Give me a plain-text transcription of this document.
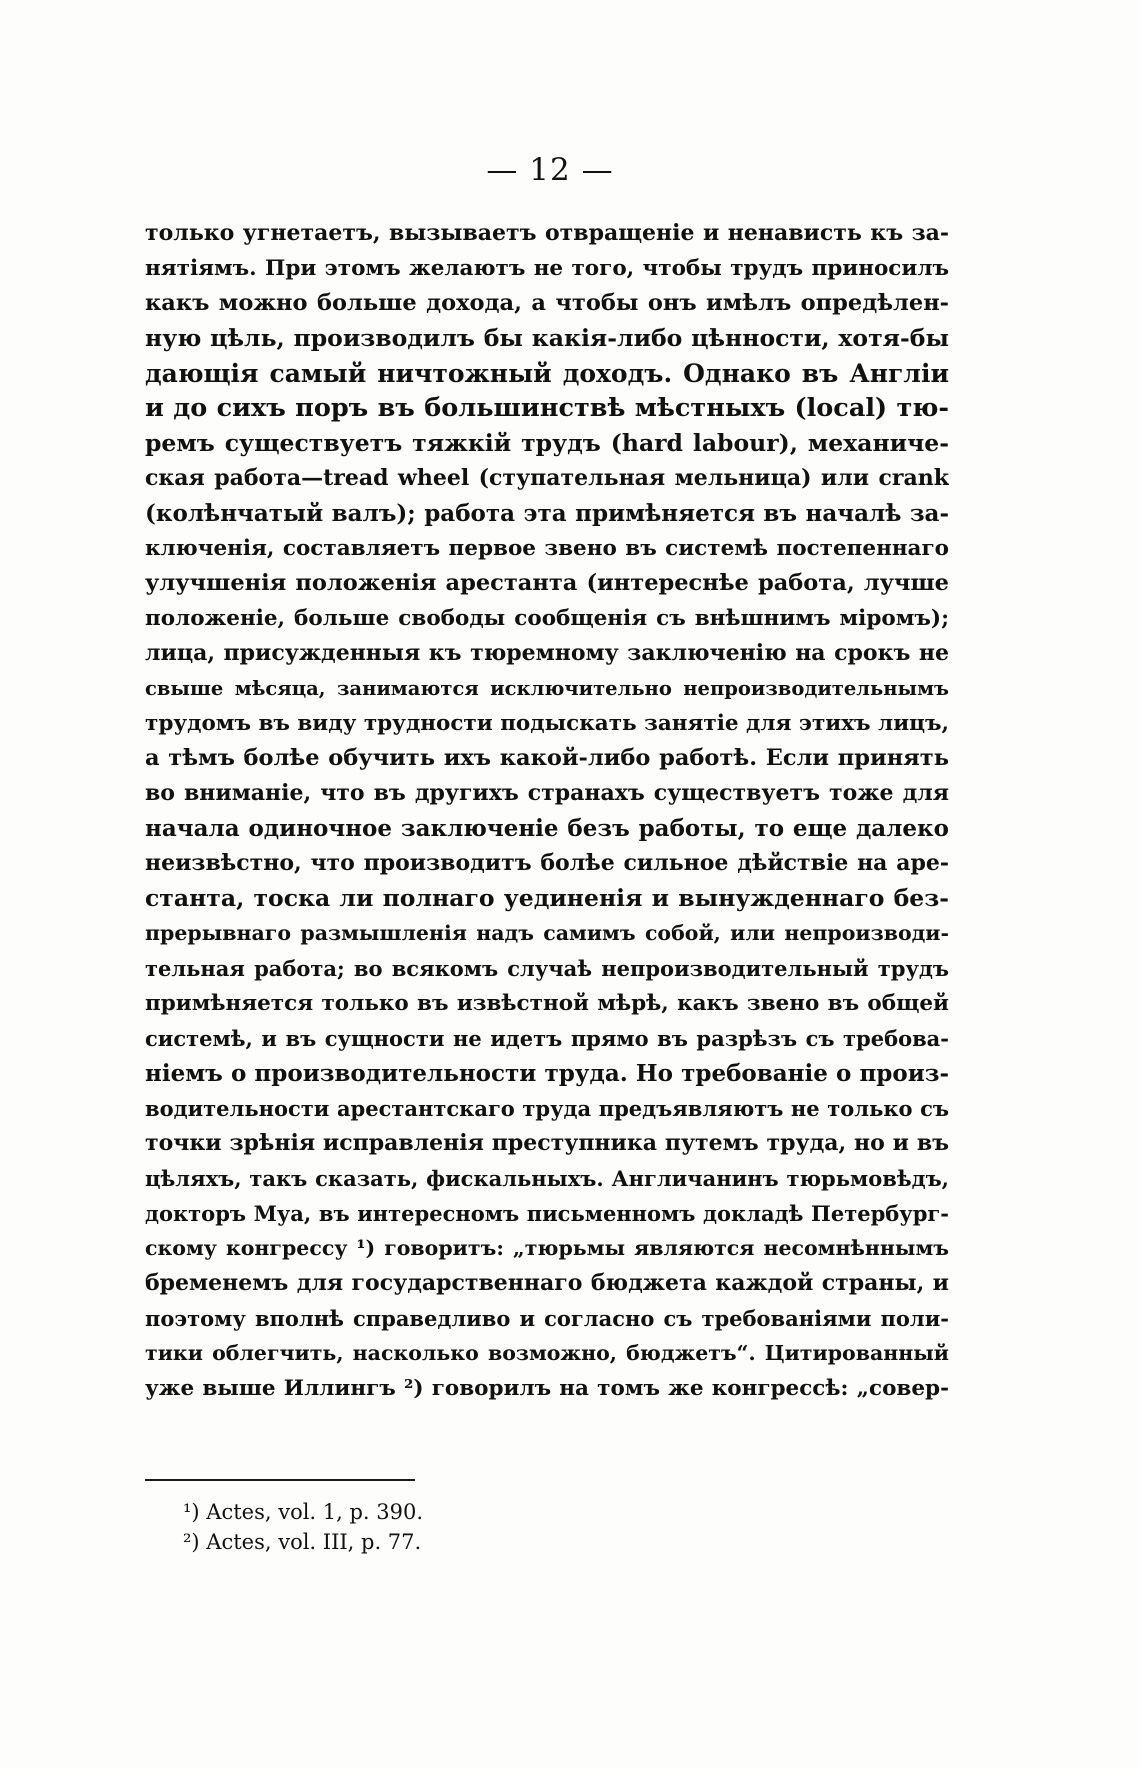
— 12 —
только угнетаетъ, вызываетъ отвращеніе и ненависть къ за-
нятіямъ. При этомъ желаютъ не того, чтобы трудъ приносилъ
какъ можно больше дохода, а чтобы онъ имѣлъ опредѣлен-
ную цѣль, производилъ бы какія-либо цѣнности, хотя-бы
дающія самый ничтожный доходъ. Однако въ Англіи
и до сихъ поръ въ большинствѣ мѣстныхъ (local) тю-
ремъ существуетъ тяжкій трудъ (hard labour), механиче-
ская работа—tread wheel (ступательная мельница) или crank
(колѣнчатый валъ); работа эта примѣняется въ началѣ за-
ключенія, составляетъ первое звено въ системѣ постепеннаго
улучшенія положенія арестанта (интереснѣе работа, лучше
положеніе, больше свободы сообщенія съ внѣшнимъ міромъ);
лица, присужденныя къ тюремному заключенію на срокъ не
свыше мѣсяца, занимаются исключительно непроизводительнымъ
трудомъ въ виду трудности подыскать занятіе для этихъ лицъ,
а тѣмъ болѣе обучить ихъ какой-либо работѣ. Если принять
во вниманіе, что въ другихъ странахъ существуетъ тоже для
начала одиночное заключеніе безъ работы, то еще далеко
неизвѣстно, что производитъ болѣе сильное дѣйствіе на аре-
станта, тоска ли полнаго уединенія и вынужденнаго без-
прерывнаго размышленія надъ самимъ собой, или непроизводи-
тельная работа; во всякомъ случаѣ непроизводительный трудъ
примѣняется только въ извѣстной мѣрѣ, какъ звено въ общей
системѣ, и въ сущности не идетъ прямо въ разрѣзъ съ требова-
ніемъ о производительности труда. Но требованіе о произ-
водительности арестантскаго труда предъявляютъ не только съ
точки зрѣнія исправленія преступника путемъ труда, но и въ
цѣляхъ, такъ сказать, фискальныхъ. Англичанинъ тюрьмовѣдъ,
докторъ Муа, въ интересномъ письменномъ докладѣ Петербург-
скому конгрессу ¹) говоритъ: „тюрьмы являются несомнѣннымъ
бременемъ для государственнаго бюджета каждой страны, и
поэтому вполнѣ справедливо и согласно съ требованіями поли-
тики облегчить, насколько возможно, бюджетъ“. Цитированный
уже выше Иллингъ ²) говорилъ на томъ же конгрессѣ: „совер-
¹) Actes, vol. 1, p. 390.
²) Actes, vol. III, p. 77.
